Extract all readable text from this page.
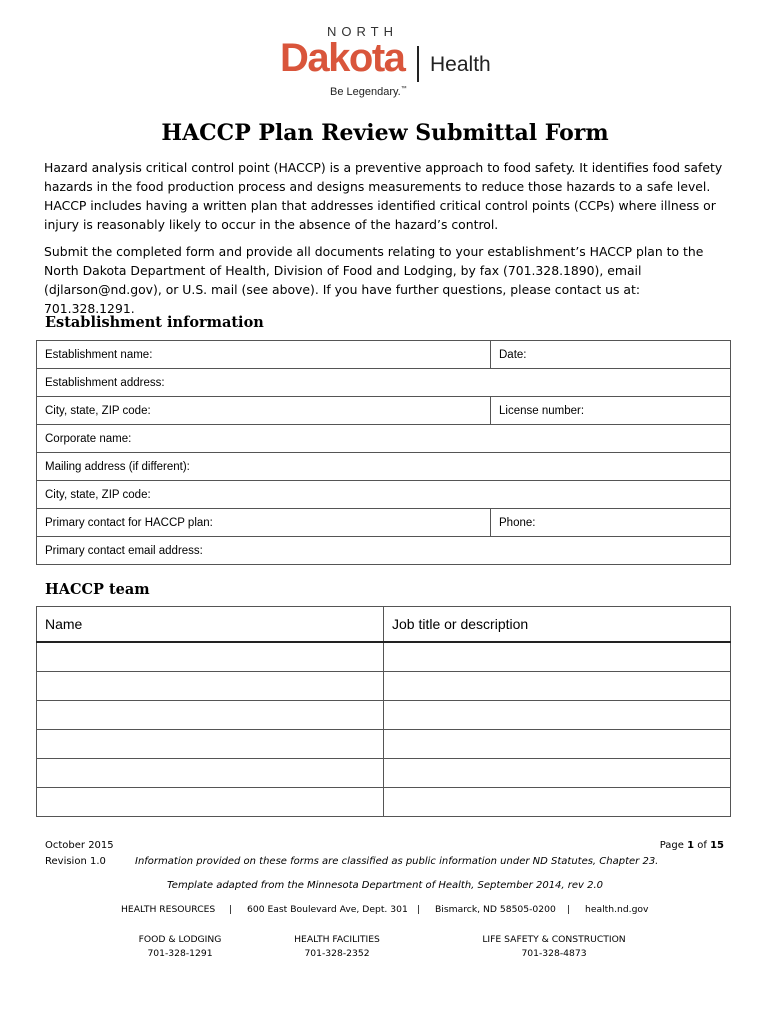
NORTH
Dakota Health
Be Legendary.™
HACCP Plan Review Submittal Form
Hazard analysis critical control point (HACCP) is a preventive approach to food safety. It identifies food safety hazards in the food production process and designs measurements to reduce those hazards to a safe level. HACCP includes having a written plan that addresses identified critical control points (CCPs) where illness or injury is reasonably likely to occur in the absence of the hazard’s control.
Submit the completed form and provide all documents relating to your establishment’s HACCP plan to the North Dakota Department of Health, Division of Food and Lodging, by fax (701.328.1890), email (djlarson@nd.gov), or U.S. mail (see above). If you have further questions, please contact us at: 701.328.1291.
Establishment information
Establishment name:	Date:
Establishment address:	
City, state, ZIP code:	License number:
Corporate name:	
Mailing address (if different):	
City, state, ZIP code:	
Primary contact for HACCP plan:	Phone:
Primary contact email address:	
HACCP team
Name	Job title or description

October 2015
Revision 1.0
Page 1 of 15
Information provided on these forms are classified as public information under ND Statutes, Chapter 23.
Template adapted from the Minnesota Department of Health, September 2014, rev 2.0
HEALTH RESOURCES | 600 East Boulevard Ave, Dept. 301 | Bismarck, ND 58505-0200 | health.nd.gov
FOOD & LODGING
701-328-1291
HEALTH FACILITIES
701-328-2352
LIFE SAFETY & CONSTRUCTION
701-328-4873
